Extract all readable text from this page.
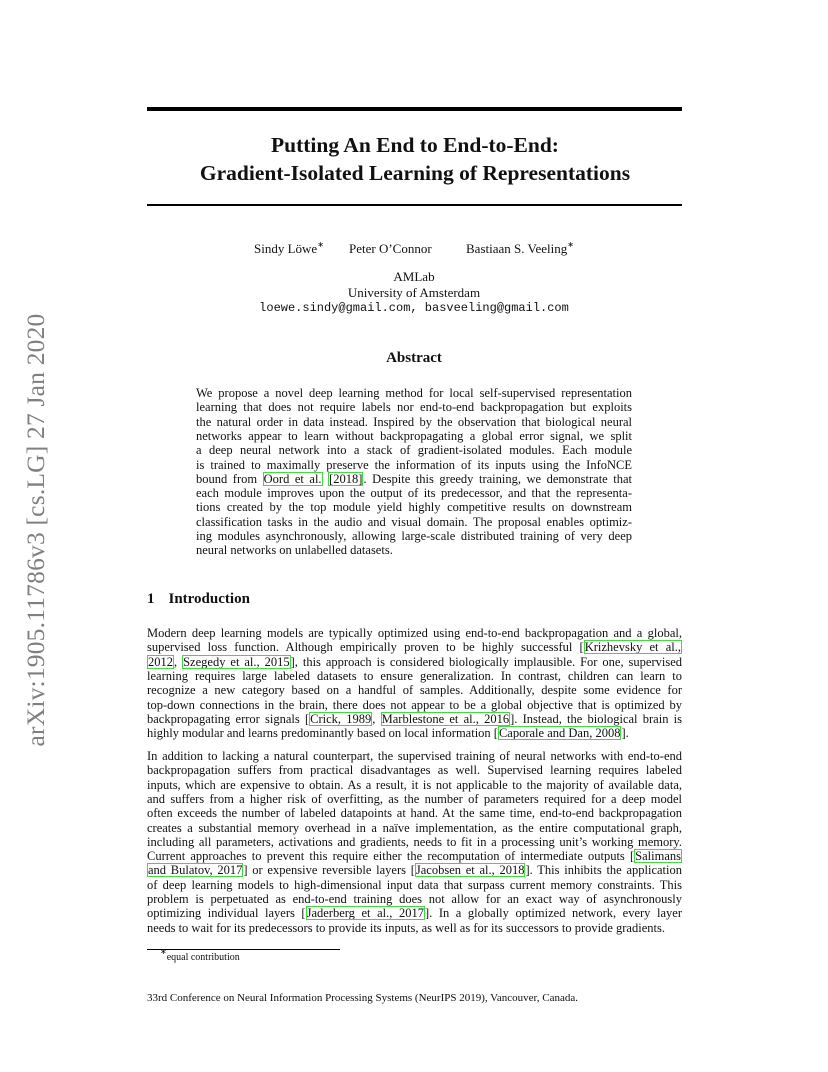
arXiv:1905.11786v3 [cs.LG] 27 Jan 2020
Putting An End to End-to-End:
Gradient-Isolated Learning of Representations
Sindy Löwe∗ Peter O’Connor	Bastiaan S. Veeling∗
AMLab
University of Amsterdam
loewe.sindy@gmail.com, basveeling@gmail.com
Abstract
We propose a novel deep learning method for local self-supervised representation
learning that does not require labels nor end-to-end backpropagation but exploits
the natural order in data instead. Inspired by the observation that biological neural
networks appear to learn without backpropagating a global error signal, we split
a deep neural network into a stack of gradient-isolated modules. Each module
is trained to maximally preserve the information of its inputs using the InfoNCE
bound from Oord et al. [2018]. Despite this greedy training, we demonstrate that
each module improves upon the output of its predecessor, and that the representa-
tions created by the top module yield highly competitive results on downstream
classification tasks in the audio and visual domain. The proposal enables optimiz-
ing modules asynchronously, allowing large-scale distributed training of very deep
neural networks on unlabelled datasets.
1 Introduction
Modern deep learning models are typically optimized using end-to-end backpropagation and a global,
supervised loss function. Although empirically proven to be highly successful [Krizhevsky et al.,
2012, Szegedy et al., 2015], this approach is considered biologically implausible. For one, supervised
learning requires large labeled datasets to ensure generalization. In contrast, children can learn to
recognize a new category based on a handful of samples. Additionally, despite some evidence for
top-down connections in the brain, there does not appear to be a global objective that is optimized by
backpropagating error signals [Crick, 1989, Marblestone et al., 2016]. Instead, the biological brain is
highly modular and learns predominantly based on local information [Caporale and Dan, 2008].
In addition to lacking a natural counterpart, the supervised training of neural networks with end-to-end
backpropagation suffers from practical disadvantages as well. Supervised learning requires labeled
inputs, which are expensive to obtain. As a result, it is not applicable to the majority of available data,
and suffers from a higher risk of overfitting, as the number of parameters required for a deep model
often exceeds the number of labeled datapoints at hand. At the same time, end-to-end backpropagation
creates a substantial memory overhead in a naïve implementation, as the entire computational graph,
including all parameters, activations and gradients, needs to fit in a processing unit’s working memory.
Current approaches to prevent this require either the recomputation of intermediate outputs [Salimans
and Bulatov, 2017] or expensive reversible layers [Jacobsen et al., 2018]. This inhibits the application
of deep learning models to high-dimensional input data that surpass current memory constraints. This
problem is perpetuated as end-to-end training does not allow for an exact way of asynchronously
optimizing individual layers [Jaderberg et al., 2017]. In a globally optimized network, every layer
needs to wait for its predecessors to provide its inputs, as well as for its successors to provide gradients.
∗equal contribution
33rd Conference on Neural Information Processing Systems (NeurIPS 2019), Vancouver, Canada.
